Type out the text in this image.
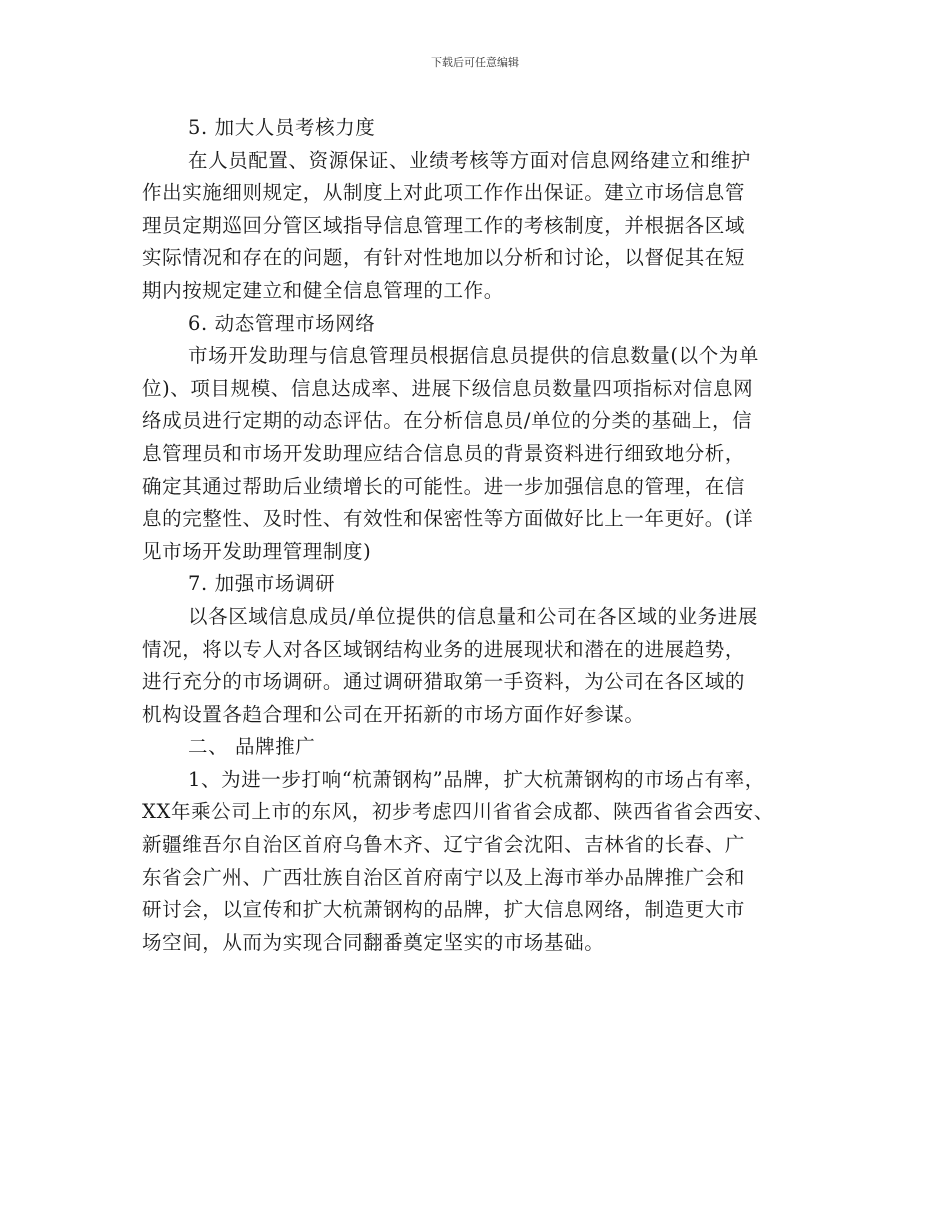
下载后可任意编辑
5. 加大人员考核力度
在人员配置、资源保证、业绩考核等方面对信息网络建立和维护
作出实施细则规定，从制度上对此项工作作出保证。建立市场信息管
理员定期巡回分管区域指导信息管理工作的考核制度，并根据各区域
实际情况和存在的问题，有针对性地加以分析和讨论，以督促其在短
期内按规定建立和健全信息管理的工作。
6. 动态管理市场网络
市场开发助理与信息管理员根据信息员提供的信息数量(以个为单
位)、项目规模、信息达成率、进展下级信息员数量四项指标对信息网
络成员进行定期的动态评估。在分析信息员/单位的分类的基础上，信
息管理员和市场开发助理应结合信息员的背景资料进行细致地分析，
确定其通过帮助后业绩增长的可能性。进一步加强信息的管理，在信
息的完整性、及时性、有效性和保密性等方面做好比上一年更好。(详
见市场开发助理管理制度)
7. 加强市场调研
以各区域信息成员/单位提供的信息量和公司在各区域的业务进展
情况，将以专人对各区域钢结构业务的进展现状和潜在的进展趋势，
进行充分的市场调研。通过调研猎取第一手资料，为公司在各区域的
机构设置各趋合理和公司在开拓新的市场方面作好参谋。
二、 品牌推广
1、为进一步打响“杭萧钢构”品牌，扩大杭萧钢构的市场占有率，
XX年乘公司上市的东风，初步考虑四川省省会成都、陕西省省会西安、
新疆维吾尔自治区首府乌鲁木齐、辽宁省会沈阳、吉林省的长春、广
东省会广州、广西壮族自治区首府南宁以及上海市举办品牌推广会和
研讨会，以宣传和扩大杭萧钢构的品牌，扩大信息网络，制造更大市
场空间，从而为实现合同翻番奠定坚实的市场基础。
